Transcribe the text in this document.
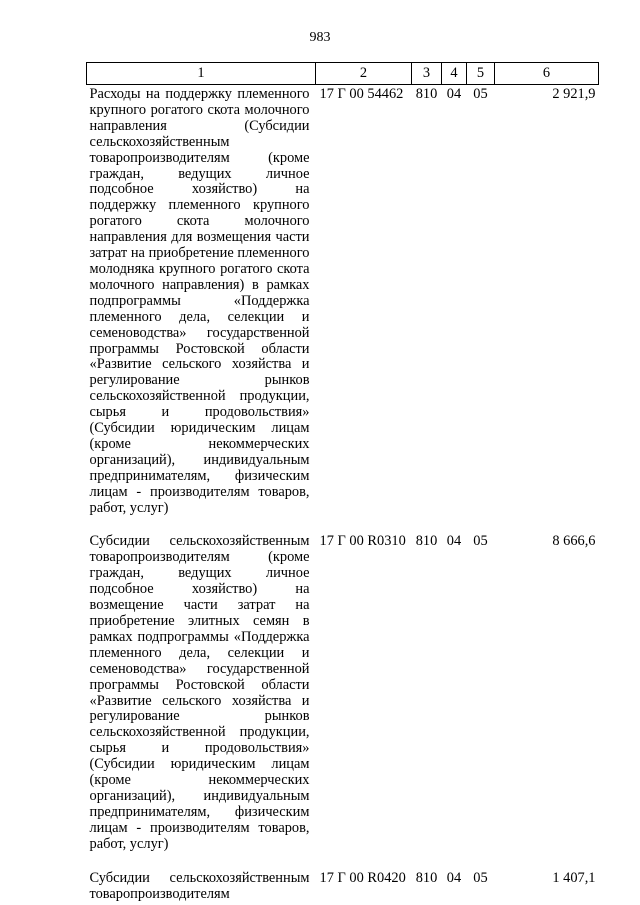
983
1	2	3	4	5	6
Расходы на поддержку племенного крупного рогатого скота молочного направления (Субсидии сельскохозяйственным товаропроизводителям (кроме граждан, ведущих личное подсобное хозяйство) на поддержку племенного крупного рогатого скота молочного направления для возмещения части затрат на приобретение племенного молодняка крупного рогатого скота молочного направления) в рамках подпрограммы «Поддержка племенного дела, селекции и семеноводства» государственной программы Ростовской области «Развитие сельского хозяйства и регулирование рынков сельскохозяйственной продукции, сырья и продовольствия» (Субсидии юридическим лицам (кроме некоммерческих организаций), индивидуальным предпринимателям, физическим лицам - производителям товаров, работ, услуг)	17 Г 00 54462	810	04	05	2 921,9

Субсидии сельскохозяйственным товаропроизводителям (кроме граждан, ведущих личное подсобное хозяйство) на возмещение части затрат на приобретение элитных семян в рамках подпрограммы «Поддержка племенного дела, селекции и семеноводства» государственной программы Ростовской области «Развитие сельского хозяйства и регулирование рынков сельскохозяйственной продукции, сырья и продовольствия» (Субсидии юридическим лицам (кроме некоммерческих организаций), индивидуальным предпринимателям, физическим лицам - производителям товаров, работ, услуг)	17 Г 00 R0310	810	04	05	8 666,6

Субсидии сельскохозяйственным товаропроизводителям	17 Г 00 R0420	810	04	05	1 407,1
